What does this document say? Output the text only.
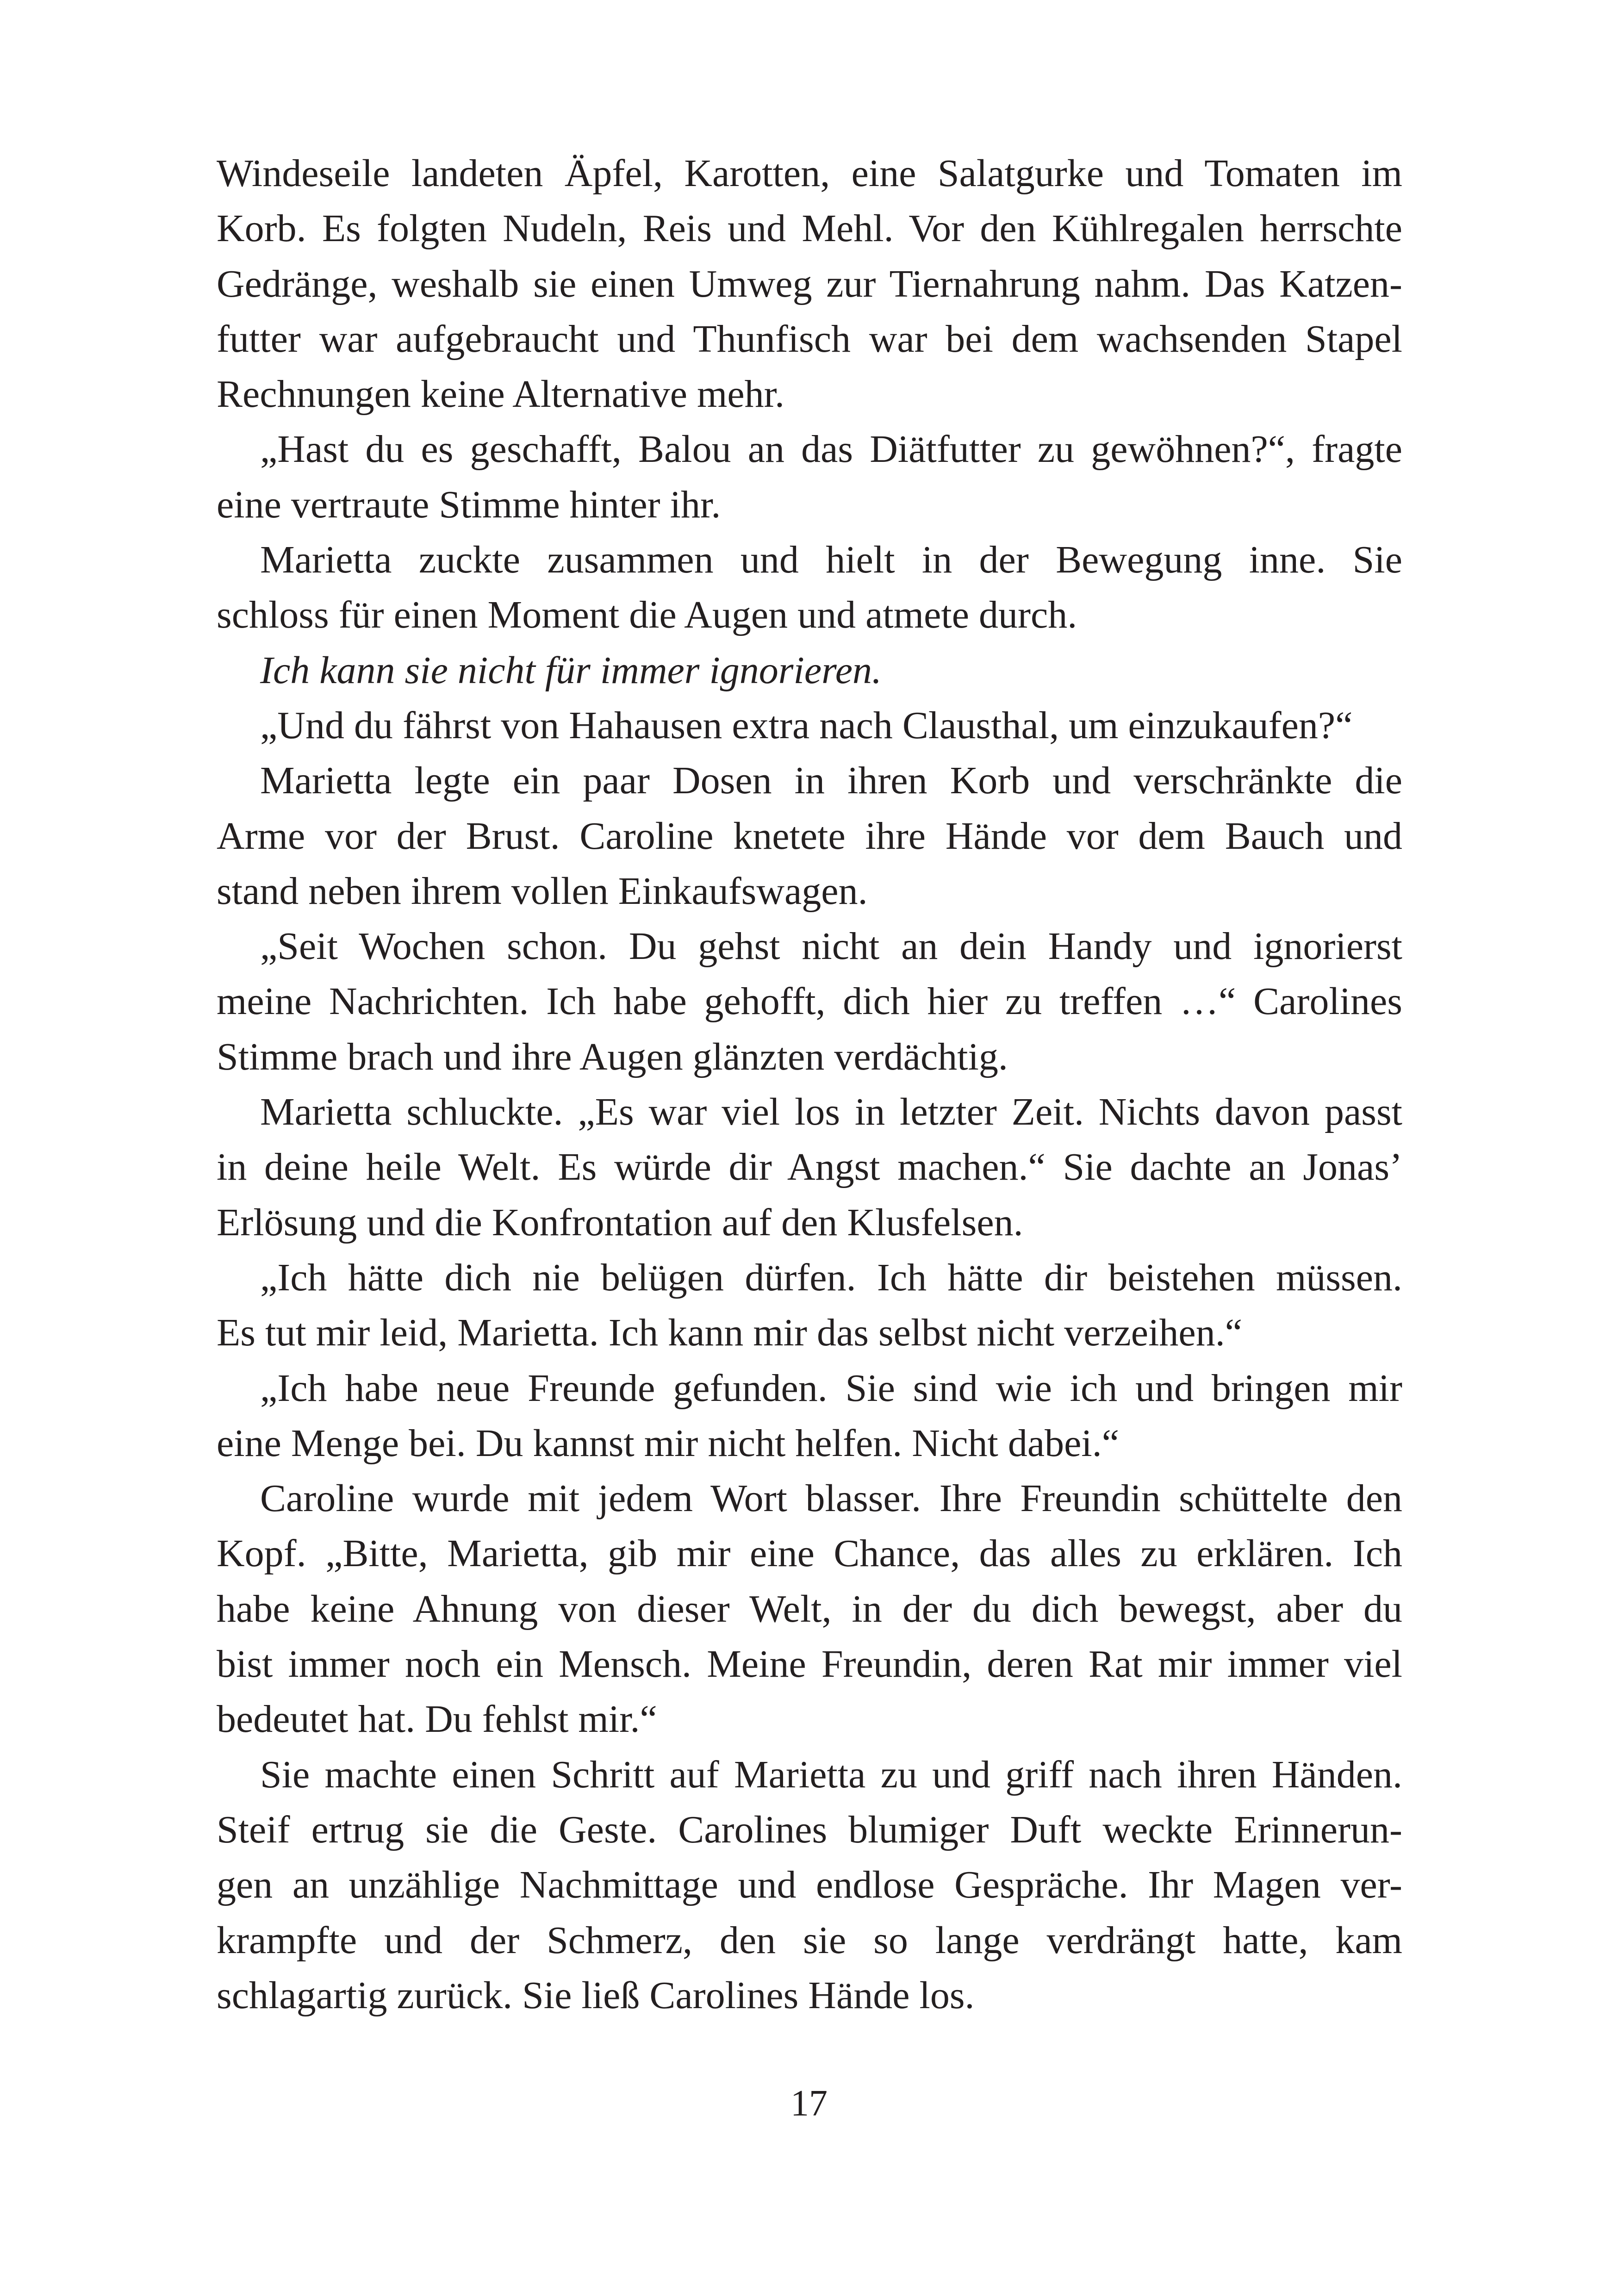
Windeseile landeten Äpfel, Karotten, eine Salatgurke und Tomaten im
Korb. Es folgten Nudeln, Reis und Mehl. Vor den Kühlregalen herrschte
Gedränge, weshalb sie einen Umweg zur Tiernahrung nahm. Das Katzen-
futter war aufgebraucht und Thunfisch war bei dem wachsenden Stapel
Rechnungen keine Alternative mehr.
„Hast du es geschafft, Balou an das Diätfutter zu gewöhnen?“, fragte
eine vertraute Stimme hinter ihr.
Marietta zuckte zusammen und hielt in der Bewegung inne. Sie
schloss für einen Moment die Augen und atmete durch.
Ich kann sie nicht für immer ignorieren.
„Und du fährst von Hahausen extra nach Clausthal, um einzukaufen?“
Marietta legte ein paar Dosen in ihren Korb und verschränkte die
Arme vor der Brust. Caroline knetete ihre Hände vor dem Bauch und
stand neben ihrem vollen Einkaufswagen.
„Seit Wochen schon. Du gehst nicht an dein Handy und ignorierst
meine Nachrichten. Ich habe gehofft, dich hier zu treffen …“ Carolines
Stimme brach und ihre Augen glänzten verdächtig.
Marietta schluckte. „Es war viel los in letzter Zeit. Nichts davon passt
in deine heile Welt. Es würde dir Angst machen.“ Sie dachte an Jonas’
Erlösung und die Konfrontation auf den Klusfelsen.
„Ich hätte dich nie belügen dürfen. Ich hätte dir beistehen müssen.
Es tut mir leid, Marietta. Ich kann mir das selbst nicht verzeihen.“
„Ich habe neue Freunde gefunden. Sie sind wie ich und bringen mir
eine Menge bei. Du kannst mir nicht helfen. Nicht dabei.“
Caroline wurde mit jedem Wort blasser. Ihre Freundin schüttelte den
Kopf. „Bitte, Marietta, gib mir eine Chance, das alles zu erklären. Ich
habe keine Ahnung von dieser Welt, in der du dich bewegst, aber du
bist immer noch ein Mensch. Meine Freundin, deren Rat mir immer viel
bedeutet hat. Du fehlst mir.“
Sie machte einen Schritt auf Marietta zu und griff nach ihren Händen.
Steif ertrug sie die Geste. Carolines blumiger Duft weckte Erinnerun-
gen an unzählige Nachmittage und endlose Gespräche. Ihr Magen ver-
krampfte und der Schmerz, den sie so lange verdrängt hatte, kam
schlagartig zurück. Sie ließ Carolines Hände los.
17
